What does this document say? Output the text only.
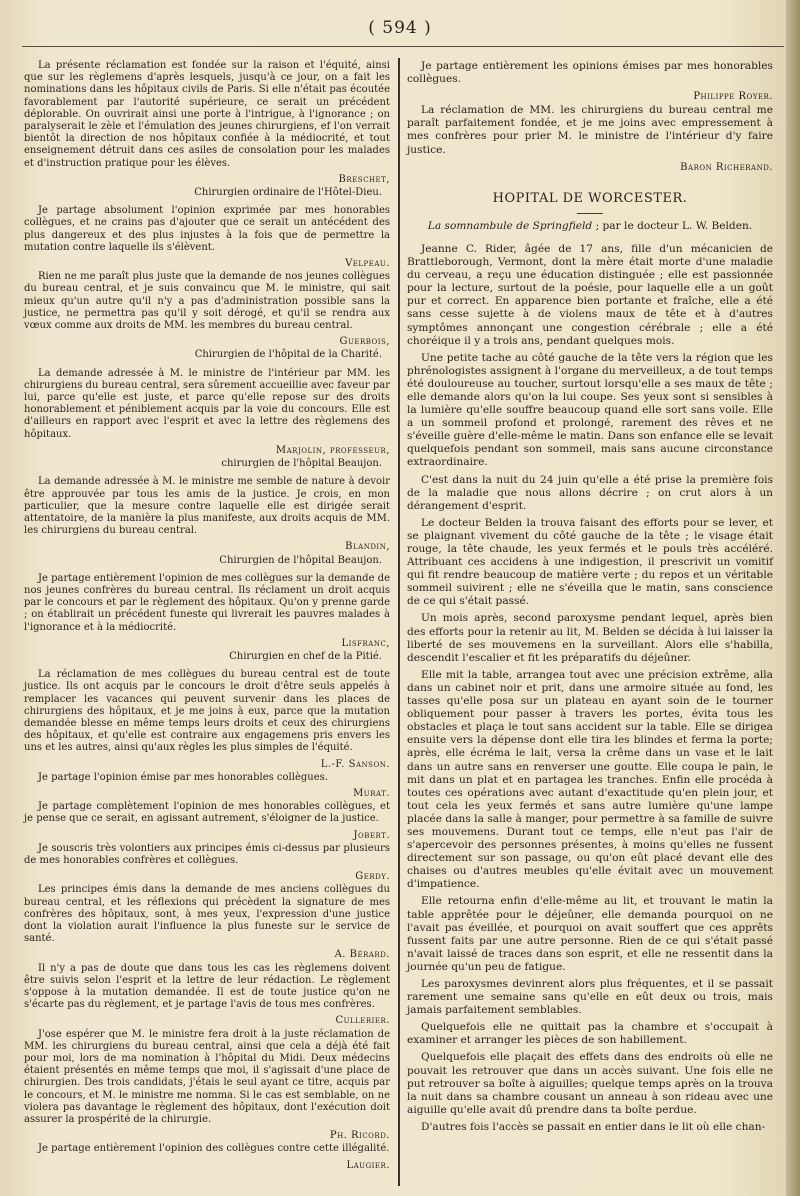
( 594 )

La présente réclamation est fondée sur la raison et l'équité, ainsi que sur les règlemens d'après lesquels, jusqu'à ce jour, on a fait les nominations dans les hôpitaux civils de Paris. Si elle n'était pas écoutée favorablement par l'autorité supérieure, ce serait un précédent déplorable. On ouvrirait ainsi une porte à l'intrigue, à l'ignorance ; on paralyserait le zèle et l'émulation des jeunes chirurgiens, ef l'on verrait bientôt la direction de nos hôpitaux confiée à la médiocrité, et tout enseignement détruit dans ces asiles de consolation pour les malades et d'instruction pratique pour les élèves.

Breschet,
Chirurgien ordinaire de l'Hôtel-Dieu.

Je partage absolument l'opinion exprimée par mes honorables collègues, et ne crains pas d'ajouter que ce serait un antécédent des plus dangereux et des plus injustes à la fois que de permettre la mutation contre laquelle ils s'élèvent.

Velpeau.

Rien ne me paraît plus juste que la demande de nos jeunes collègues du bureau central, et je suis convaincu que M. le ministre, qui sait mieux qu'un autre qu'il n'y a pas d'administration possible sans la justice, ne permettra pas qu'il y soit dérogé, et qu'il se rendra aux vœux comme aux droits de MM. les membres du bureau central.

Guerbois,
Chirurgien de l'hôpital de la Charité.

La demande adressée à M. le ministre de l'intérieur par MM. les chirurgiens du bureau central, sera sûrement accueillie avec faveur par lui, parce qu'elle est juste, et parce qu'elle repose sur des droits honorablement et péniblement acquis par la voie du concours. Elle est d'ailleurs en rapport avec l'esprit et avec la lettre des règlemens des hôpitaux.

Marjolin, professeur,
chirurgien de l'hôpital Beaujon.

La demande adressée à M. le ministre me semble de nature à devoir être approuvée par tous les amis de la justice. Je crois, en mon particulier, que la mesure contre laquelle elle est dirigée serait attentatoire, de la manière la plus manifeste, aux droits acquis de MM. les chirurgiens du bureau central.

Blandin,
Chirurgien de l'hôpital Beaujon.

Je partage entièrement l'opinion de mes collègues sur la demande de nos jeunes confrères du bureau central. Ils réclament un droit acquis par le concours et par le règlement des hôpitaux. Qu'on y prenne garde ; on établirait un précédent funeste qui livrerait les pauvres malades à l'ignorance et à la médiocrité.

Lisfranc,
Chirurgien en chef de la Pitié.

La réclamation de mes collègues du bureau central est de toute justice. Ils ont acquis par le concours le droit d'être seuls appelés à remplacer les vacances qui peuvent survenir dans les places de chirurgiens des hôpitaux, et je me joins à eux, parce que la mutation demandée blesse en même temps leurs droits et ceux des chirurgiens des hôpitaux, et qu'elle est contraire aux engagemens pris envers les uns et les autres, ainsi qu'aux règles les plus simples de l'équité.

L.-F. Sanson.

Je partage l'opinion émise par mes honorables collègues.

Murat.

Je partage complètement l'opinion de mes honorables collègues, et je pense que ce serait, en agissant autrement, s'éloigner de la justice.

Jobert.

Je souscris très volontiers aux principes émis ci-dessus par plusieurs de mes honorables confrères et collègues.

Gerdy.

Les principes émis dans la demande de mes anciens collègues du bureau central, et les réflexions qui précèdent la signature de mes confrères des hôpitaux, sont, à mes yeux, l'expression d'une justice dont la violation aurait l'influence la plus funeste sur le service de santé.

A. Bérard.

Il n'y a pas de doute que dans tous les cas les règlemens doivent être suivis selon l'esprit et la lettre de leur rédaction. Le règlement s'oppose à la mutation demandée. Il est de toute justice qu'on ne s'écarte pas du règlement, et je partage l'avis de tous mes confrères.

Cullerier.

J'ose espérer que M. le ministre fera droit à la juste réclamation de MM. les chirurgiens du bureau central, ainsi que cela a déjà été fait pour moi, lors de ma nomination à l'hôpital du Midi. Deux médecins étaient présentés en même temps que moi, il s'agissait d'une place de chirurgien. Des trois candidats, j'étais le seul ayant ce titre, acquis par le concours, et M. le ministre me nomma. Si le cas est semblable, on ne violera pas davantage le règlement des hôpitaux, dont l'exécution doit assurer la prospérité de la chirurgie.

Ph. Ricord.

Je partage entièrement l'opinion des collègues contre cette illégalité.

Laugier.

Je partage entièrement les opinions émises par mes honorables collègues.

Philippe Royer.

La réclamation de MM. les chirurgiens du bureau central me paraît parfaitement fondée, et je me joins avec empressement à mes confrères pour prier M. le ministre de l'intérieur d'y faire justice.

Baron Richerand.
HOPITAL DE WORCESTER.
La somnambule de Springfield ; par le docteur L. W. Belden.

Jeanne C. Rider, âgée de 17 ans, fille d'un mécanicien de Brattleborough, Vermont, dont la mère était morte d'une maladie du cerveau, a reçu une éducation distinguée ; elle est passionnée pour la lecture, surtout de la poésie, pour laquelle elle a un goût pur et correct. En apparence bien portante et fraîche, elle a été sans cesse sujette à de violens maux de tête et à d'autres symptômes annonçant une congestion cérébrale ; elle a été choréique il y a trois ans, pendant quelques mois.

Une petite tache au côté gauche de la tête vers la région que les phrénologistes assignent à l'organe du merveilleux, a de tout temps été douloureuse au toucher, surtout lorsqu'elle a ses maux de tête ; elle demande alors qu'on la lui coupe. Ses yeux sont si sensibles à la lumière qu'elle souffre beaucoup quand elle sort sans voile. Elle a un sommeil profond et prolongé, rarement des rêves et ne s'éveille guère d'elle-même le matin. Dans son enfance elle se levait quelquefois pendant son sommeil, mais sans aucune circonstance extraordinaire.

C'est dans la nuit du 24 juin qu'elle a été prise la première fois de la maladie que nous allons décrire ; on crut alors à un dérangement d'esprit.

Le docteur Belden la trouva faisant des efforts pour se lever, et se plaignant vivement du côté gauche de la tête ; le visage était rouge, la tête chaude, les yeux fermés et le pouls très accéléré. Attribuant ces accidens à une indigestion, il prescrivit un vomitif qui fit rendre beaucoup de matière verte ; du repos et un véritable sommeil suivirent ; elle ne s'éveilla que le matin, sans conscience de ce qui s'était passé.

Un mois après, second paroxysme pendant lequel, après bien des efforts pour la retenir au lit, M. Belden se décida à lui laisser la liberté de ses mouvemens en la surveillant. Alors elle s'habilla, descendit l'escalier et fit les préparatifs du déjeûner.

Elle mit la table, arrangea tout avec une précision extrême, alla dans un cabinet noir et prit, dans une armoire située au fond, les tasses qu'elle posa sur un plateau en ayant soin de le tourner obliquement pour passer à travers les portes, évita tous les obstacles et plaça le tout sans accident sur la table. Elle se dirigea ensuite vers la dépense dont elle tira les blindes et ferma la porte; après, elle écréma le lait, versa la crême dans un vase et le lait dans un autre sans en renverser une goutte. Elle coupa le pain, le mit dans un plat et en partagea les tranches. Enfin elle procéda à toutes ces opérations avec autant d'exactitude qu'en plein jour, et tout cela les yeux fermés et sans autre lumière qu'une lampe placée dans la salle à manger, pour permettre à sa famille de suivre ses mouvemens. Durant tout ce temps, elle n'eut pas l'air de s'apercevoir des personnes présentes, à moins qu'elles ne fussent directement sur son passage, ou qu'on eût placé devant elle des chaises ou d'autres meubles qu'elle évitait avec un mouvement d'impatience.

Elle retourna enfin d'elle-même au lit, et trouvant le matin la table apprêtée pour le déjeûner, elle demanda pourquoi on ne l'avait pas éveillée, et pourquoi on avait souffert que ces apprêts fussent faits par une autre personne. Rien de ce qui s'était passé n'avait laissé de traces dans son esprit, et elle ne ressentit dans la journée qu'un peu de fatigue.

Les paroxysmes devinrent alors plus fréquentes, et il se passait rarement une semaine sans qu'elle en eût deux ou trois, mais jamais parfaitement semblables.

Quelquefois elle ne quittait pas la chambre et s'occupait à examiner et arranger les pièces de son habillement.

Quelquefois elle plaçait des effets dans des endroits où elle ne pouvait les retrouver que dans un accès suivant. Une fois elle ne put retrouver sa boîte à aiguilles; quelque temps après on la trouva la nuit dans sa chambre cousant un anneau à son rideau avec une aiguille qu'elle avait dû prendre dans ta boîte perdue.

D'autres fois l'accès se passait en entier dans le lit où elle chan-
